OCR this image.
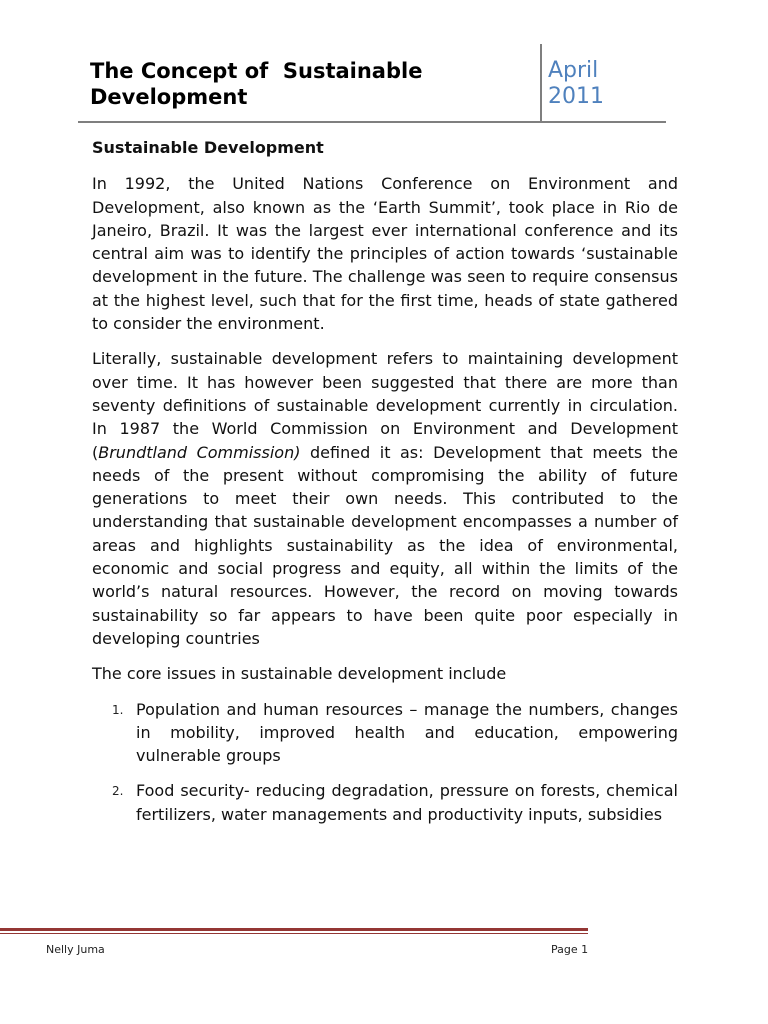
The Concept of  Sustainable Development
April
2011

Sustainable Development

In 1992, the United Nations Conference on Environment and Development, also known as the ‘Earth Summit’, took place in Rio de Janeiro, Brazil. It was the largest ever international conference and its central aim was to identify the principles of action towards ‘sustainable development in the future. The challenge was seen to require consensus at the highest level, such that for the first time, heads of state gathered to consider the environment.

Literally, sustainable development refers to maintaining development over time. It has however been suggested that there are more than seventy definitions of sustainable development currently in circulation. In 1987 the World Commission on Environment and Development (Brundtland Commission) defined it as: Development that meets the needs of the present without compromising the ability of future generations to meet their own needs. This contributed to the understanding that sustainable development encompasses a number of areas and highlights sustainability as the idea of environmental, economic and social progress and equity, all within the limits of the world’s natural resources. However, the record on moving towards sustainability so far appears to have been quite poor especially in developing countries

The core issues in sustainable development include

1. Population and human resources – manage the numbers, changes in mobility, improved health and education, empowering vulnerable groups
2. Food security- reducing degradation, pressure on forests, chemical fertilizers, water managements and productivity inputs, subsidies
Nelly Juma	Page 1
